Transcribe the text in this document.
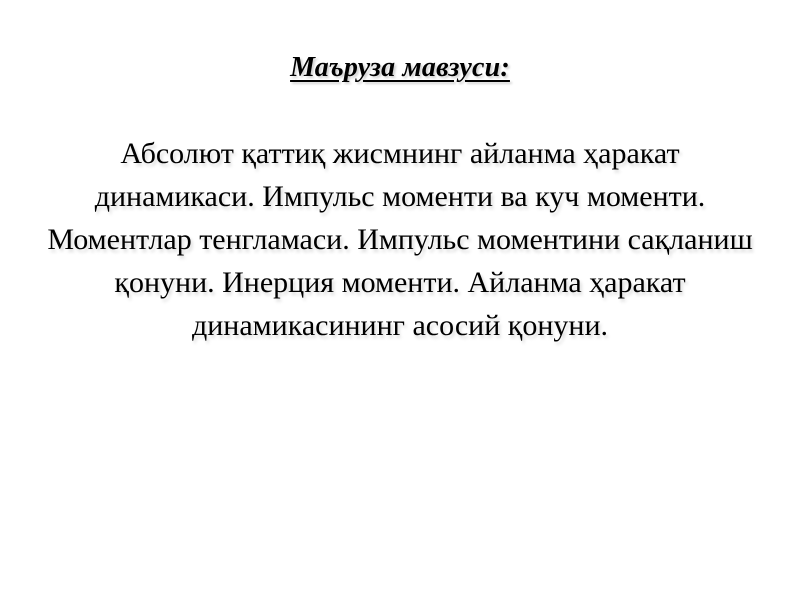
Маъруза мавзуси:
Абсолют қаттиқ жисмнинг айланма ҳаракат динамикаси. Импульс моменти ва куч моменти. Моментлар тенгламаси. Импульс моментини сақланиш қонуни. Инерция моменти. Айланма ҳаракат динамикасининг асосий қонуни.
